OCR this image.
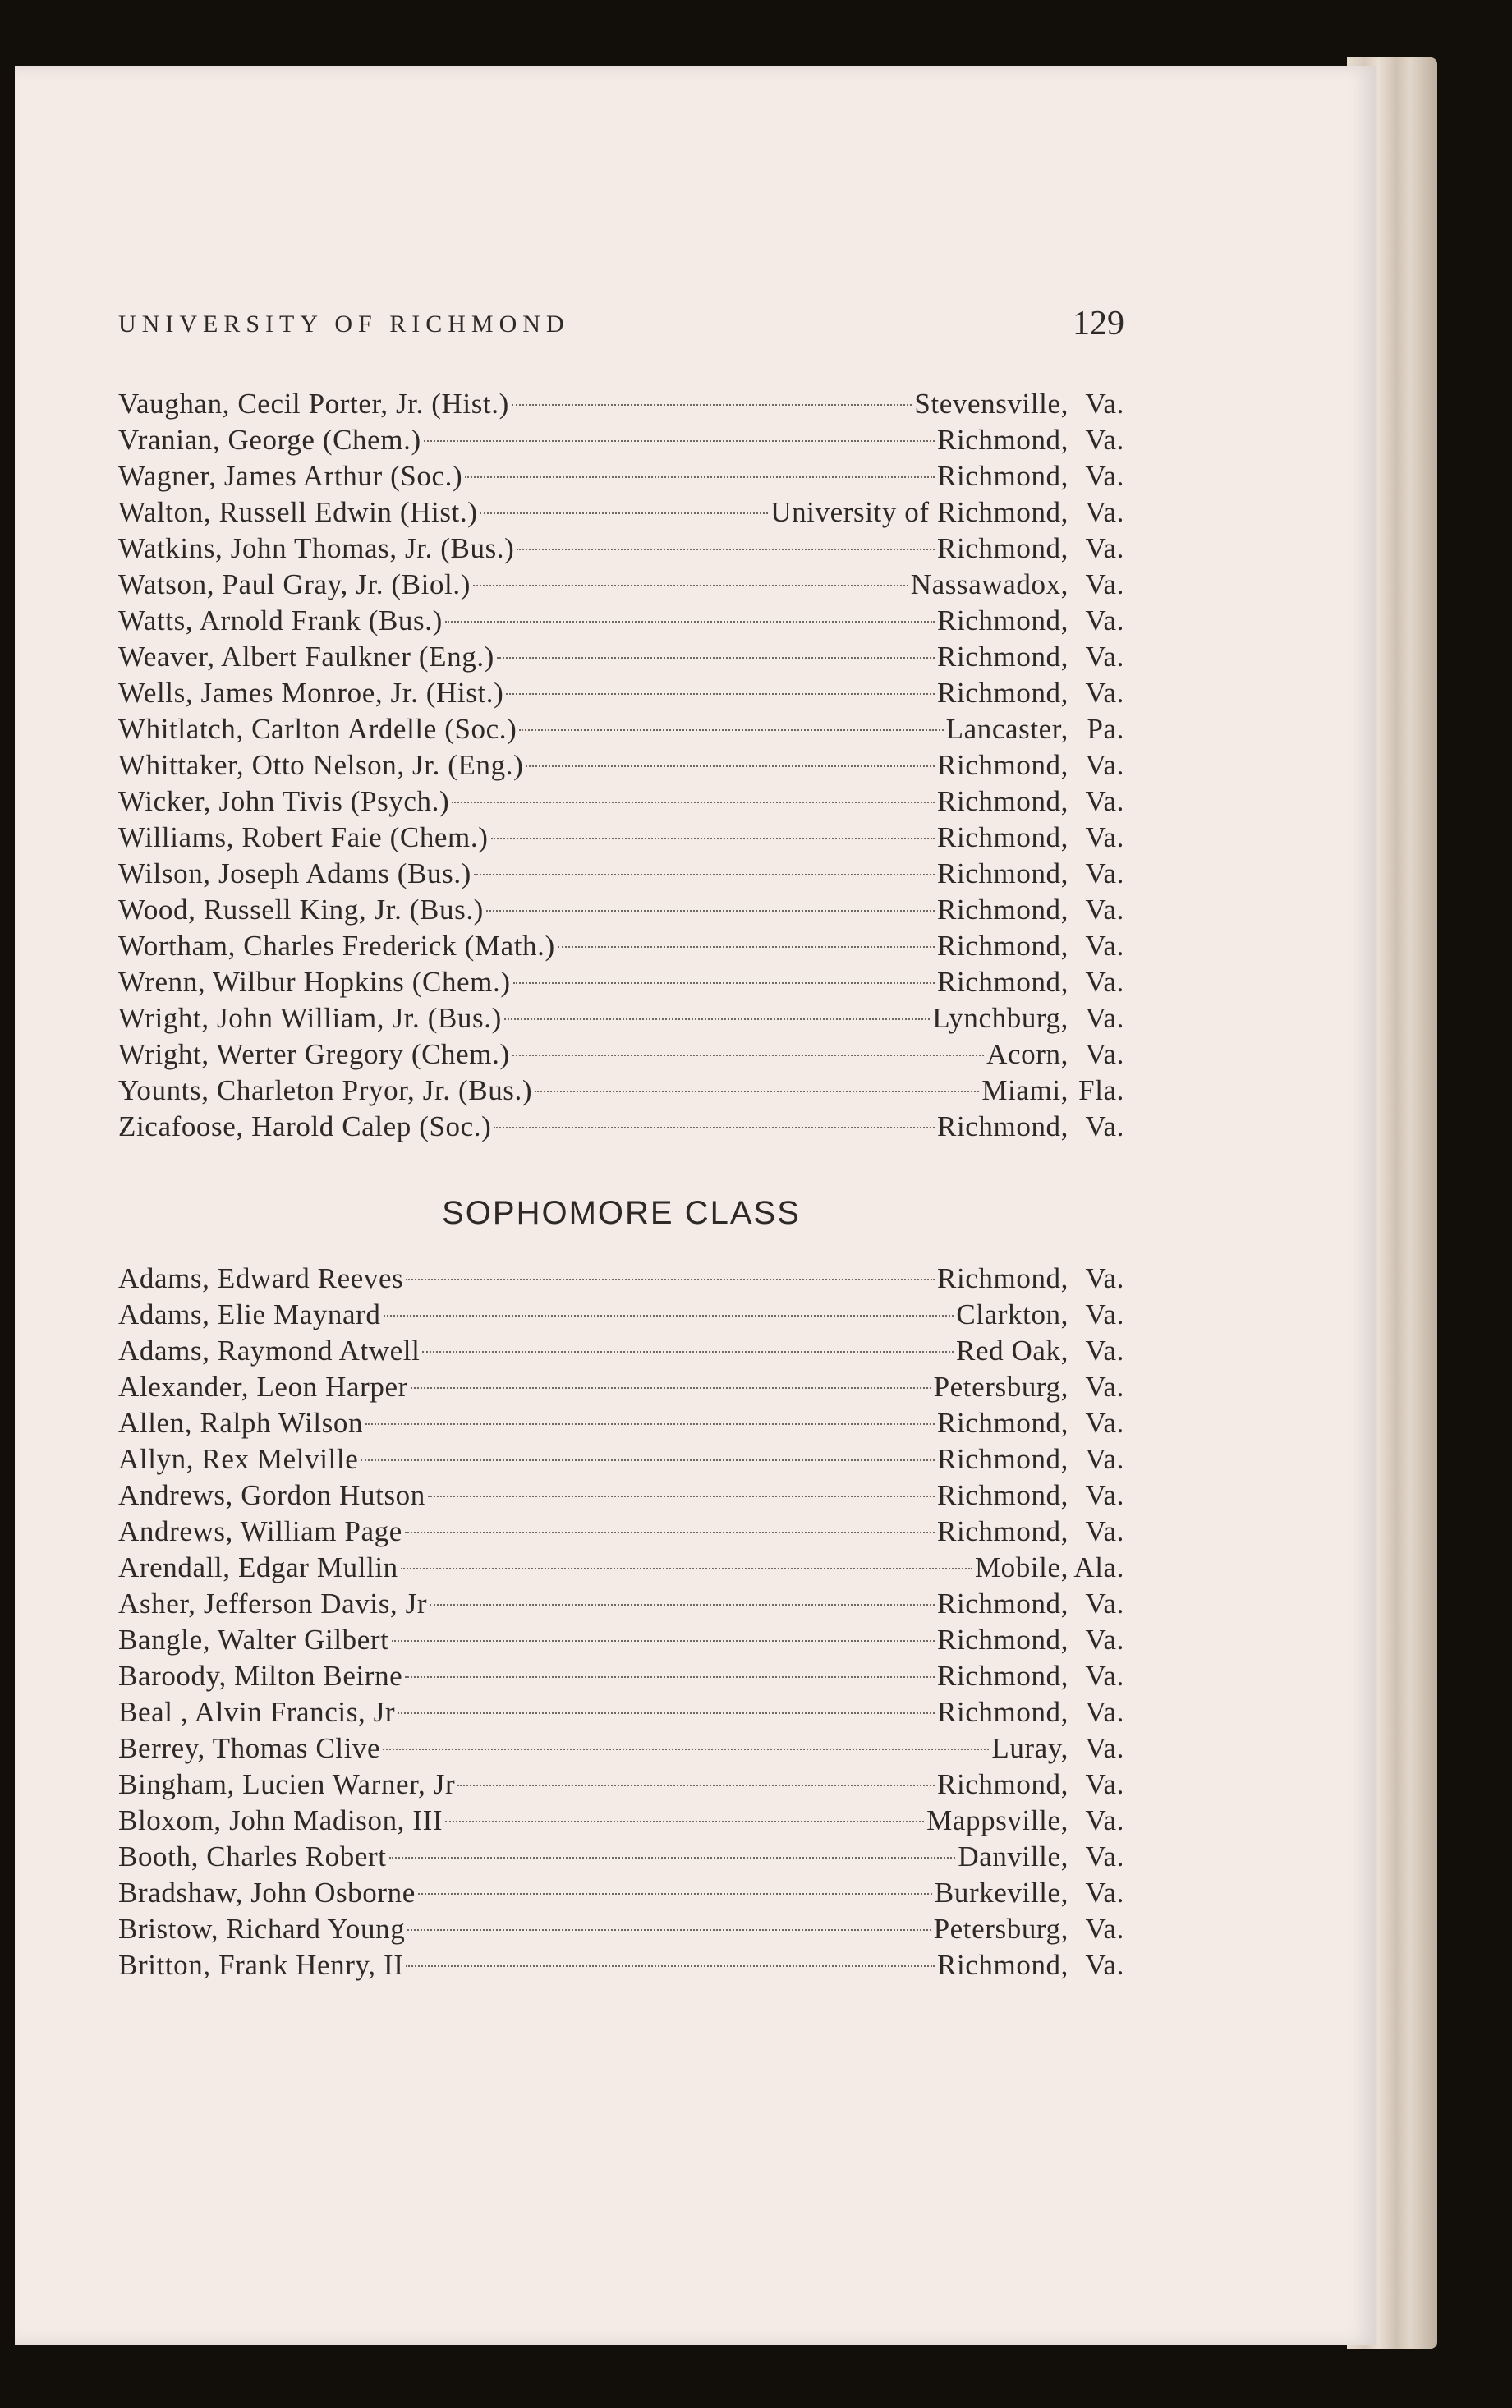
UNIVERSITY OF RICHMOND	129
Vaughan, Cecil Porter, Jr. (Hist.)	Stevensville, Va.
Vranian, George (Chem.)	Richmond, Va.
Wagner, James Arthur (Soc.)	Richmond, Va.
Walton, Russell Edwin (Hist.)	University of Richmond, Va.
Watkins, John Thomas, Jr. (Bus.)	Richmond, Va.
Watson, Paul Gray, Jr. (Biol.)	Nassawadox, Va.
Watts, Arnold Frank (Bus.)	Richmond, Va.
Weaver, Albert Faulkner (Eng.)	Richmond, Va.
Wells, James Monroe, Jr. (Hist.)	Richmond, Va.
Whitlatch, Carlton Ardelle (Soc.)	Lancaster, Pa.
Whittaker, Otto Nelson, Jr. (Eng.)	Richmond, Va.
Wicker, John Tivis (Psych.)	Richmond, Va.
Williams, Robert Faie (Chem.)	Richmond, Va.
Wilson, Joseph Adams (Bus.)	Richmond, Va.
Wood, Russell King, Jr. (Bus.)	Richmond, Va.
Wortham, Charles Frederick (Math.)	Richmond, Va.
Wrenn, Wilbur Hopkins (Chem.)	Richmond, Va.
Wright, John William, Jr. (Bus.)	Lynchburg, Va.
Wright, Werter Gregory (Chem.)	Acorn, Va.
Younts, Charleton Pryor, Jr. (Bus.)	Miami, Fla.
Zicafoose, Harold Calep (Soc.)	Richmond, Va.
SOPHOMORE CLASS
Adams, Edward Reeves	Richmond, Va.
Adams, Elie Maynard	Clarkton, Va.
Adams, Raymond Atwell	Red Oak, Va.
Alexander, Leon Harper	Petersburg, Va.
Allen, Ralph Wilson	Richmond, Va.
Allyn, Rex Melville	Richmond, Va.
Andrews, Gordon Hutson	Richmond, Va.
Andrews, William Page	Richmond, Va.
Arendall, Edgar Mullin	Mobile, Ala.
Asher, Jefferson Davis, Jr	Richmond, Va.
Bangle, Walter Gilbert	Richmond, Va.
Baroody, Milton Beirne	Richmond, Va.
Beal , Alvin Francis, Jr	Richmond, Va.
Berrey, Thomas Clive	Luray, Va.
Bingham, Lucien Warner, Jr	Richmond, Va.
Bloxom, John Madison, III	Mappsville, Va.
Booth, Charles Robert	Danville, Va.
Bradshaw, John Osborne	Burkeville, Va.
Bristow, Richard Young	Petersburg, Va.
Britton, Frank Henry, II	Richmond, Va.
